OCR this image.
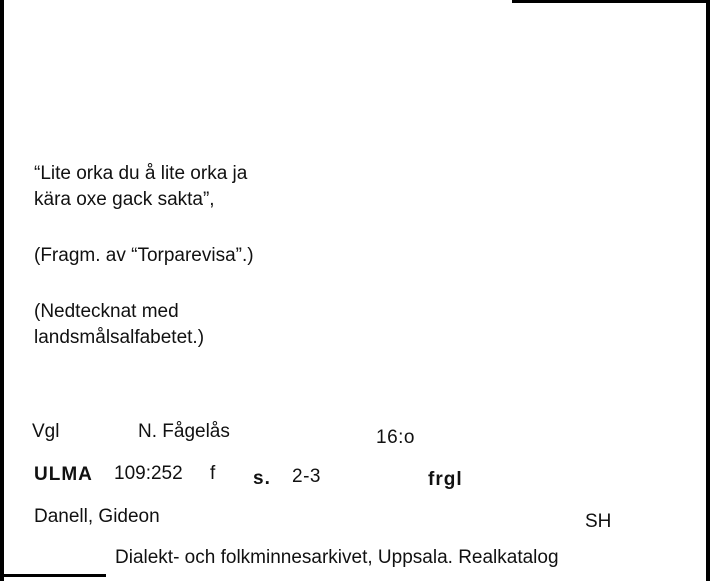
“Lite orka du å lite orka ja
kära oxe gack sakta”,
(Fragm. av “Torparevisa”.)
(Nedtecknat med
landsmålsalfabetet.)
Vgl	N. Fågelås	16:o
ULMA 109:252 f s. 2-3	frgl
Danell, Gideon	SH
Dialekt- och folkminnesarkivet, Uppsala. Realkatalog
